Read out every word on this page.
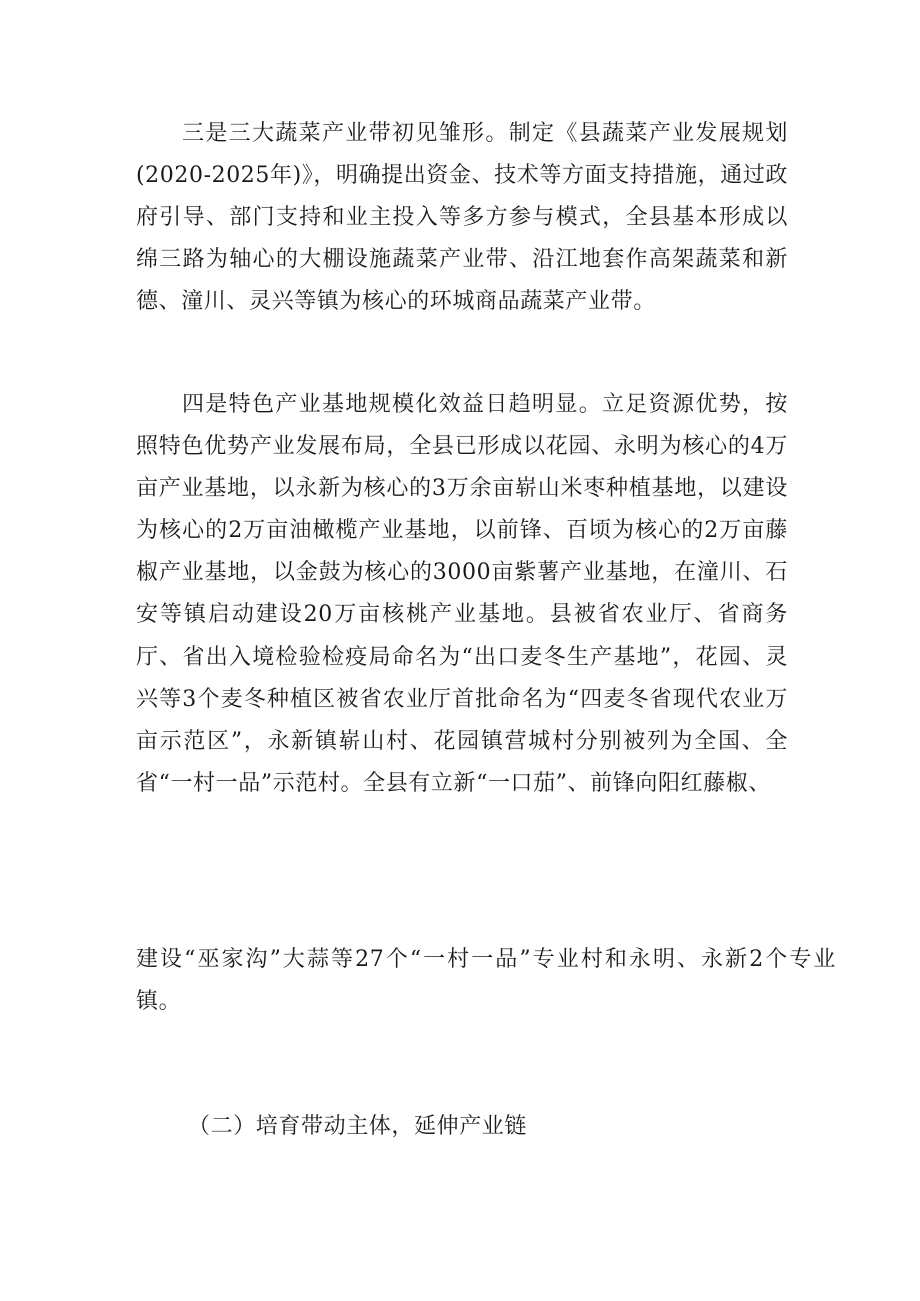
三是三大蔬菜产业带初见雏形。制定《县蔬菜产业发展规划(2020-2025年)》，明确提出资金、技术等方面支持措施，通过政府引导、部门支持和业主投入等多方参与模式，全县基本形成以绵三路为轴心的大棚设施蔬菜产业带、沿江地套作高架蔬菜和新德、潼川、灵兴等镇为核心的环城商品蔬菜产业带。

四是特色产业基地规模化效益日趋明显。立足资源优势，按照特色优势产业发展布局，全县已形成以花园、永明为核心的4万亩产业基地，以永新为核心的3万余亩崭山米枣种植基地，以建设为核心的2万亩油橄榄产业基地，以前锋、百顷为核心的2万亩藤椒产业基地，以金鼓为核心的3000亩紫薯产业基地，在潼川、石安等镇启动建设20万亩核桃产业基地。县被省农业厅、省商务厅、省出入境检验检疫局命名为“出口麦冬生产基地”，花园、灵兴等3个麦冬种植区被省农业厅首批命名为“四麦冬省现代农业万亩示范区”，永新镇崭山村、花园镇营城村分别被列为全国、全省“一村一品”示范村。全县有立新“一口茄”、前锋向阳红藤椒、

建设“巫家沟”大蒜等27个“一村一品”专业村和永明、永新2个专业镇。

（二）培育带动主体，延伸产业链
